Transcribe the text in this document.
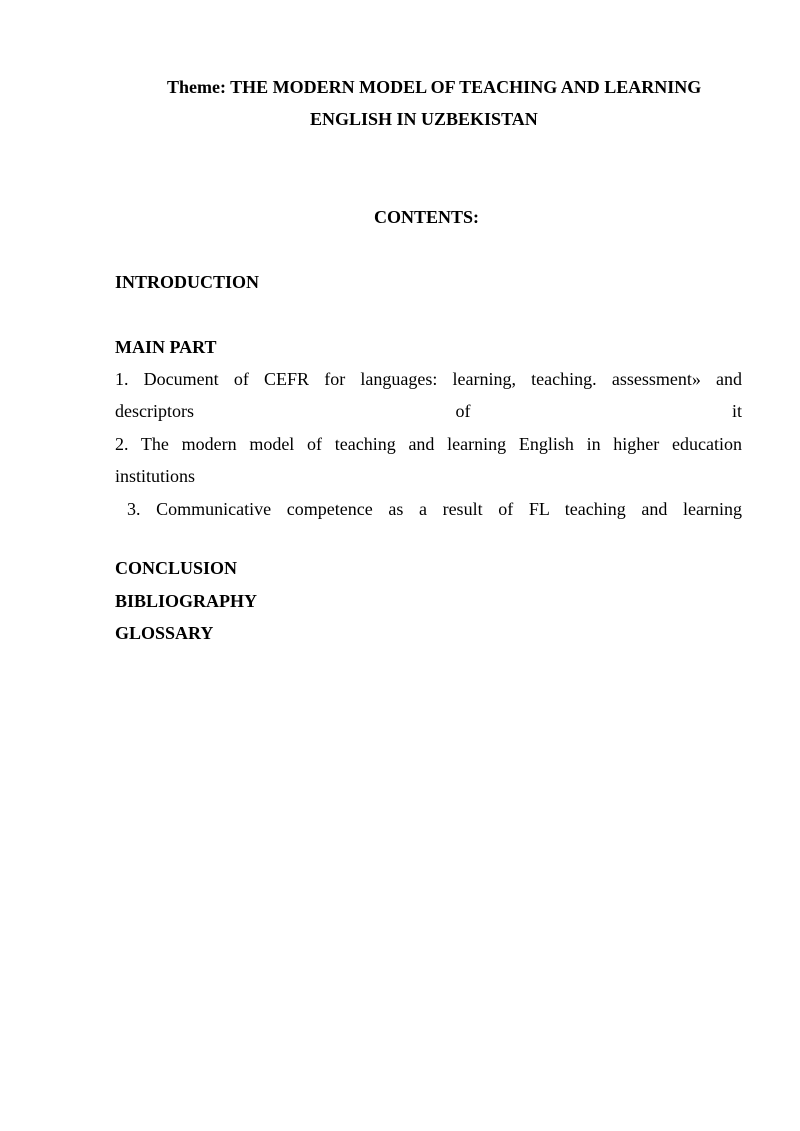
Theme: THE MODERN MODEL OF TEACHING AND LEARNING
ENGLISH IN UZBEKISTAN
CONTENTS:
INTRODUCTION
MAIN PART
1. Document of CEFR for languages: learning, teaching. assessment» and
descriptors of it
2. The modern model of teaching and learning English in higher education
institutions
3. Communicative competence as a result of FL teaching and learning
CONCLUSION
BIBLIOGRAPHY
GLOSSARY
